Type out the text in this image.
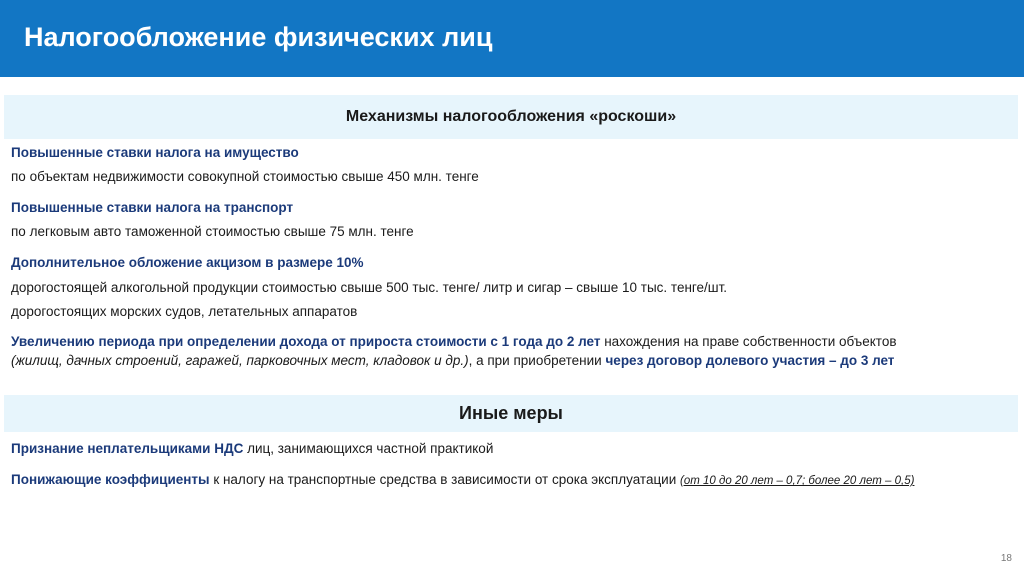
Налогообложение физических лиц
Механизмы налогообложения «роскоши»
Повышенные ставки налога на имущество
по объектам недвижимости совокупной стоимостью свыше 450 млн. тенге
Повышенные ставки налога на транспорт
по легковым авто таможенной стоимостью свыше 75 млн. тенге
Дополнительное обложение акцизом в размере 10%
дорогостоящей алкогольной продукции стоимостью свыше 500 тыс. тенге/ литр и сигар – свыше 10 тыс. тенге/шт.
дорогостоящих морских судов, летательных аппаратов
Увеличению периода при определении дохода от прироста стоимости с 1 года до 2 лет нахождения на праве собственности объектов
(жилищ, дачных строений, гаражей, парковочных мест, кладовок и др.), а при приобретении через договор долевого участия – до 3 лет
Иные меры
Признание неплательщиками НДС лиц, занимающихся частной практикой
Понижающие коэффициенты к налогу на транспортные средства в зависимости от срока эксплуатации (от 10 до 20 лет – 0,7; более 20 лет – 0,5)
18
